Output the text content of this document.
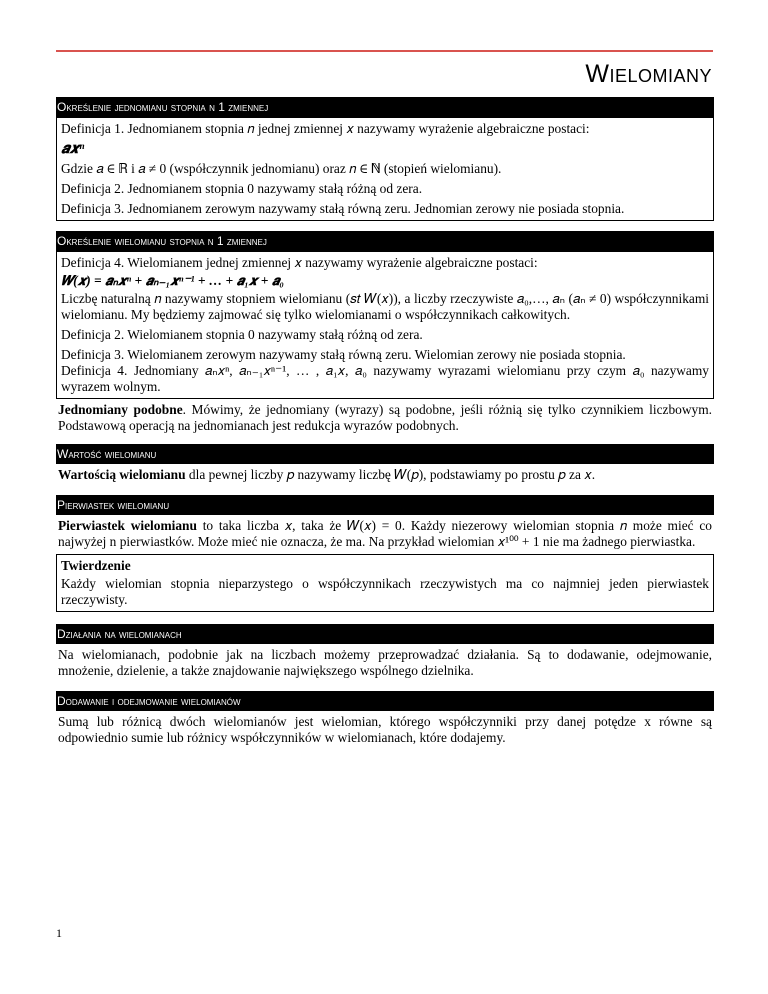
Wielomiany
Określenie jednomianu stopnia n 1 zmiennej

Definicja 1. Jednomianem stopnia 𝑛 jednej zmiennej 𝑥 nazywamy wyrażenie algebraiczne postaci:

𝒂𝒙ⁿ

Gdzie 𝑎 ∈ ℝ i 𝑎 ≠ 0 (współczynnik jednomianu) oraz 𝑛 ∈ ℕ (stopień wielomianu).

Definicja 2. Jednomianem stopnia 0 nazywamy stałą różną od zera.

Definicja 3. Jednomianem zerowym nazywamy stałą równą zeru. Jednomian zerowy nie posiada stopnia.

Określenie wielomianu stopnia n 1 zmiennej

Definicja 4. Wielomianem jednej zmiennej 𝑥 nazywamy wyrażenie algebraiczne postaci:

𝑾(𝒙) = 𝒂ₙ𝒙ⁿ + 𝒂ₙ₋₁𝒙ⁿ⁻¹ + … + 𝒂₁𝒙 + 𝒂₀

Liczbę naturalną 𝑛 nazywamy stopniem wielomianu (𝑠𝑡 𝑊(𝑥)), a liczby rzeczywiste 𝑎₀,…, 𝑎ₙ (𝑎ₙ ≠ 0) współczynnikami wielomianu. My będziemy zajmować się tylko wielomianami o współczynnikach całkowitych.

Definicja 2. Wielomianem stopnia 0 nazywamy stałą różną od zera.

Definicja 3. Wielomianem zerowym nazywamy stałą równą zeru. Wielomian zerowy nie posiada stopnia.

Definicja 4. Jednomiany 𝑎ₙ𝑥ⁿ, 𝑎ₙ₋₁𝑥ⁿ⁻¹, … , 𝑎₁𝑥, 𝑎₀ nazywamy wyrazami wielomianu przy czym 𝑎₀ nazywamy wyrazem wolnym.

Jednomiany podobne. Mówimy, że jednomiany (wyrazy) są podobne, jeśli różnią się tylko czynnikiem liczbowym. Podstawową operacją na jednomianach jest redukcja wyrazów podobnych.

Wartość wielomianu

Wartością wielomianu dla pewnej liczby 𝑝 nazywamy liczbę 𝑊(𝑝), podstawiamy po prostu 𝑝 za 𝑥.

Pierwiastek wielomianu

Pierwiastek wielomianu to taka liczba 𝑥, taka że 𝑊(𝑥) = 0. Każdy niezerowy wielomian stopnia 𝑛 może mieć co najwyżej n pierwiastków. Może mieć nie oznacza, że ma. Na przykład wielomian 𝑥¹⁰⁰ + 1 nie ma żadnego pierwiastka.

Twierdzenie

Każdy wielomian stopnia nieparzystego o współczynnikach rzeczywistych ma co najmniej jeden pierwiastek rzeczywisty.

Działania na wielomianach

Na wielomianach, podobnie jak na liczbach możemy przeprowadzać działania. Są to dodawanie, odejmowanie, mnożenie, dzielenie, a także znajdowanie największego wspólnego dzielnika.

Dodawanie i odejmowanie wielomianów

Sumą lub różnicą dwóch wielomianów jest wielomian, którego współczynniki przy danej potędze x równe są odpowiednio sumie lub różnicy współczynników w wielomianach, które dodajemy.

1
